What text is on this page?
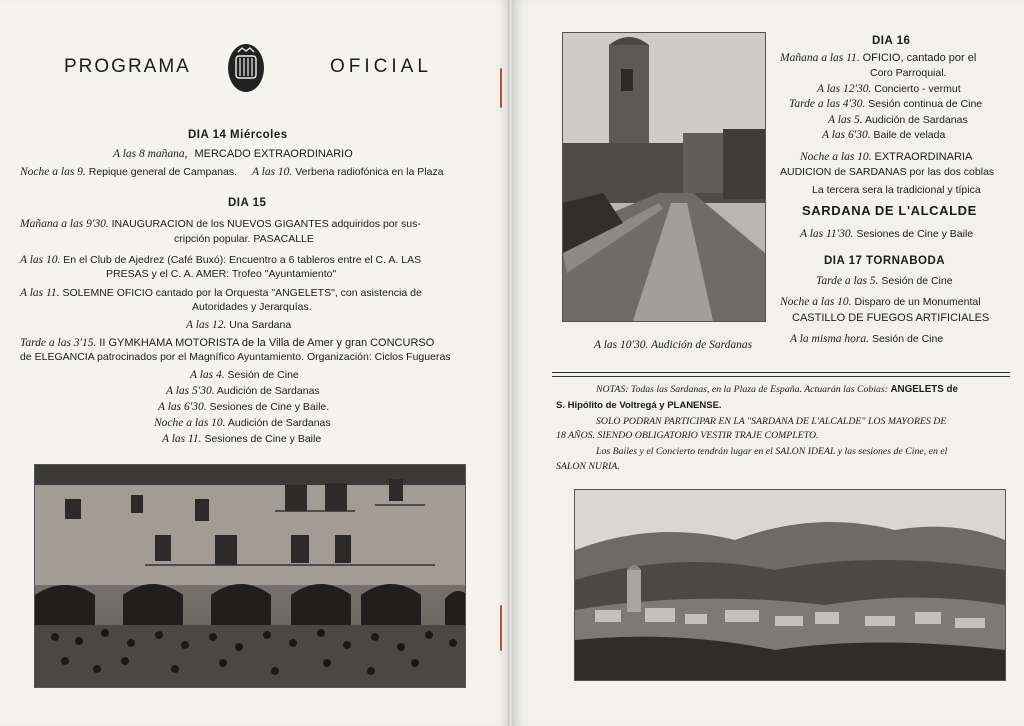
PROGRAMA	OFICIAL
DIA 14 Miércoles
A las 8 mañana, MERCADO EXTRAORDINARIO
Noche a las 9. Repique general de Campanas. A las 10. Verbena radiofónica en la Plaza
DIA 15
Mañana a las 9'30. INAUGURACION de los NUEVOS GIGANTES adquiridos por sus-
cripción popular. PASACALLE
A las 10. En el Club de Ajedrez (Café Buxó): Encuentro a 6 tableros entre el C. A. LAS
PRESAS y el C. A. AMER: Trofeo "Ayuntamiento"
A las 11. SOLEMNE OFICIO cantado por la Orquesta "ANGELETS", con asistencia de
Autoridades y Jerarquías.
A las 12. Una Sardana
Tarde a las 3'15. II GYMKHAMA MOTORISTA de la Villa de Amer y gran CONCURSO
de ELEGANCIA patrocinados por el Magnífico Ayuntamiento. Organización: Ciclos Fugueras
A las 4. Sesión de Cine
A las 5'30. Audición de Sardanas
A las 6'30. Sesiones de Cine y Baile.
Noche a las 10. Audición de Sardanas
A las 11. Sesiones de Cine y Baile
A las 10'30. Audición de Sardanas
DIA 16
Mañana a las 11. OFICIO, cantado por el
Coro Parroquial.
A las 12'30. Concierto - vermut
Tarde a las 4'30. Sesión continua de Cine
A las 5. Audición de Sardanas
A las 6'30. Baile de velada
Noche a las 10. EXTRAORDINARIA
AUDICION de SARDANAS por las dos coblas
La tercera sera la tradicional y típica
SARDANA DE L'ALCALDE
A las 11'30. Sesiones de Cine y Baile
DIA 17 TORNABODA
Tarde a las 5. Sesión de Cine
Noche a las 10. Disparo de un Monumental
CASTILLO DE FUEGOS ARTIFICIALES
A la misma hora. Sesión de Cine
NOTAS: Todas las Sardanas, en la Plaza de España. Actuarán las Cobias: ANGELETS de
S. Hipólito de Voltregá y PLANENSE.
SOLO PODRAN PARTICIPAR EN LA "SARDANA DE L'ALCALDE" LOS MAYORES DE
18 AÑOS. SIENDO OBLIGATORIO VESTIR TRAJE COMPLETO.
Los Bailes y el Concierto tendrán lugar en el SALON IDEAL y las sesiones de Cine, en el
SALON NURIA.
